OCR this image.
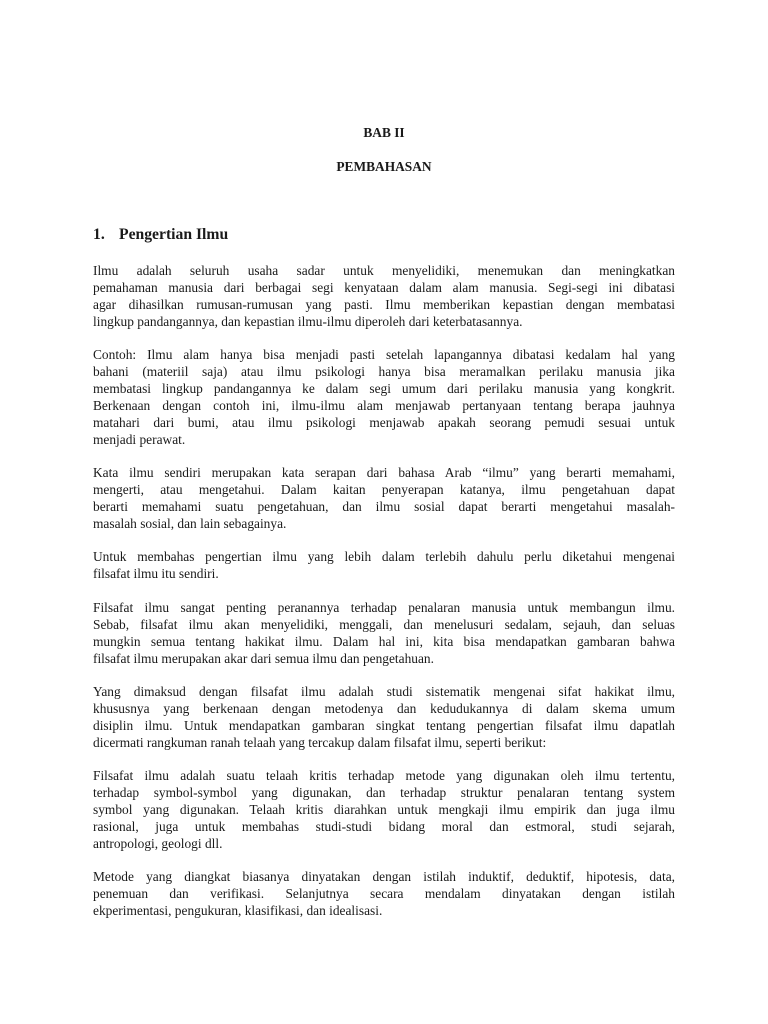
BAB II
PEMBAHASAN
1. Pengertian Ilmu
Ilmu adalah seluruh usaha sadar untuk menyelidiki, menemukan dan meningkatkan
pemahaman manusia dari berbagai segi kenyataan dalam alam manusia. Segi-segi ini dibatasi
agar dihasilkan rumusan-rumusan yang pasti. Ilmu memberikan kepastian dengan membatasi
lingkup pandangannya, dan kepastian ilmu-ilmu diperoleh dari keterbatasannya.
Contoh: Ilmu alam hanya bisa menjadi pasti setelah lapangannya dibatasi kedalam hal yang
bahani (materiil saja) atau ilmu psikologi hanya bisa meramalkan perilaku manusia jika
membatasi lingkup pandangannya ke dalam segi umum dari perilaku manusia yang kongkrit.
Berkenaan dengan contoh ini, ilmu-ilmu alam menjawab pertanyaan tentang berapa jauhnya
matahari dari bumi, atau ilmu psikologi menjawab apakah seorang pemudi sesuai untuk
menjadi perawat.
Kata ilmu sendiri merupakan kata serapan dari bahasa Arab “ilmu” yang berarti memahami,
mengerti, atau mengetahui. Dalam kaitan penyerapan katanya, ilmu pengetahuan dapat
berarti memahami suatu pengetahuan, dan ilmu sosial dapat berarti mengetahui masalah-
masalah sosial, dan lain sebagainya.
Untuk membahas pengertian ilmu yang lebih dalam terlebih dahulu perlu diketahui mengenai
filsafat ilmu itu sendiri.
Filsafat ilmu sangat penting peranannya terhadap penalaran manusia untuk membangun ilmu.
Sebab, filsafat ilmu akan menyelidiki, menggali, dan menelusuri sedalam, sejauh, dan seluas
mungkin semua tentang hakikat ilmu. Dalam hal ini, kita bisa mendapatkan gambaran bahwa
filsafat ilmu merupakan akar dari semua ilmu dan pengetahuan.
Yang dimaksud dengan filsafat ilmu adalah studi sistematik mengenai sifat hakikat ilmu,
khususnya yang berkenaan dengan metodenya dan kedudukannya di dalam skema umum
disiplin ilmu. Untuk mendapatkan gambaran singkat tentang pengertian filsafat ilmu dapatlah
dicermati rangkuman ranah telaah yang tercakup dalam filsafat ilmu, seperti berikut:
Filsafat ilmu adalah suatu telaah kritis terhadap metode yang digunakan oleh ilmu tertentu,
terhadap symbol-symbol yang digunakan, dan terhadap struktur penalaran tentang system
symbol yang digunakan. Telaah kritis diarahkan untuk mengkaji ilmu empirik dan juga ilmu
rasional, juga untuk membahas studi-studi bidang moral dan estmoral, studi sejarah,
antropologi, geologi dll.
Metode yang diangkat biasanya dinyatakan dengan istilah induktif, deduktif, hipotesis, data,
penemuan dan verifikasi. Selanjutnya secara mendalam dinyatakan dengan istilah
ekperimentasi, pengukuran, klasifikasi, dan idealisasi.
